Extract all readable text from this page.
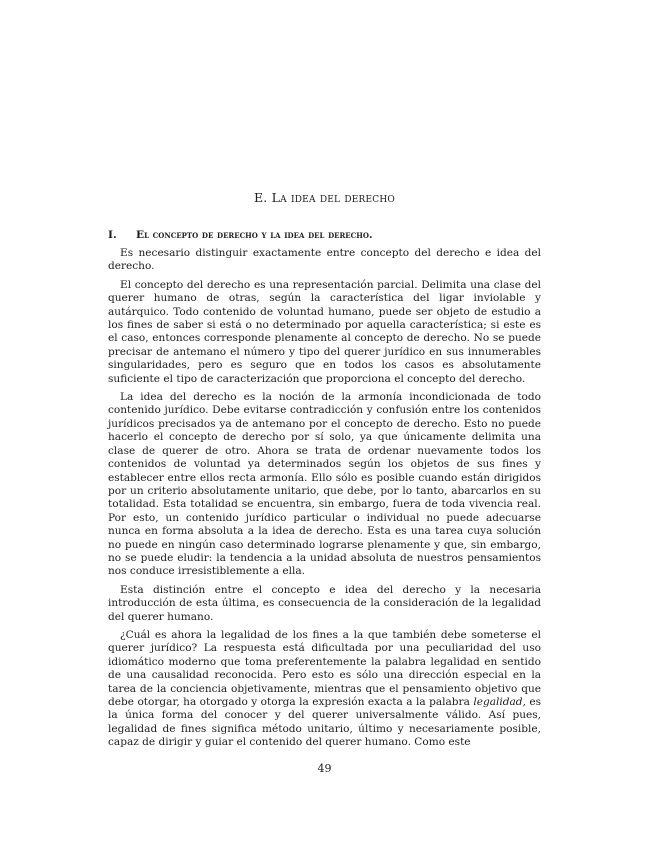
E. La idea del derecho
I. El concepto de derecho y la idea del derecho.

Es necesario distinguir exactamente entre concepto del derecho e idea del derecho.

El concepto del derecho es una representación parcial. Delimita una clase del querer humano de otras, según la característica del ligar inviolable y autárquico. Todo contenido de voluntad humano, puede ser objeto de estudio a los fines de saber si está o no determinado por aquella característica; si este es el caso, entonces corresponde plenamente al concepto de derecho. No se puede precisar de antemano el número y tipo del querer jurídico en sus innumerables singularidades, pero es seguro que en todos los casos es absolutamente suficiente el tipo de caracterización que proporciona el concepto del derecho.

La idea del derecho es la noción de la armonía incondicionada de todo contenido jurídico. Debe evitarse contradicción y confusión entre los contenidos jurídicos precisados ya de antemano por el concepto de derecho. Esto no puede hacerlo el concepto de derecho por sí solo, ya que únicamente delimita una clase de querer de otro. Ahora se trata de ordenar nuevamente todos los contenidos de voluntad ya determinados según los objetos de sus fines y establecer entre ellos recta armonía. Ello sólo es posible cuando están dirigidos por un criterio absolutamente unitario, que debe, por lo tanto, abarcarlos en su totalidad. Esta totalidad se encuentra, sin embargo, fuera de toda vivencia real. Por esto, un contenido jurídico particular o individual no puede adecuarse nunca en forma absoluta a la idea de derecho. Esta es una tarea cuya solución no puede en ningún caso determinado lograrse plenamente y que, sin embargo, no se puede eludir: la tendencia a la unidad absoluta de nuestros pensamientos nos conduce irresistiblemente a ella.

Esta distinción entre el concepto e idea del derecho y la necesaria introducción de esta última, es consecuencia de la consideración de la legalidad del querer humano.

¿Cuál es ahora la legalidad de los fines a la que también debe someterse el querer jurídico? La respuesta está dificultada por una peculiaridad del uso idiomático moderno que toma preferentemente la palabra legalidad en sentido de una causalidad reconocida. Pero esto es sólo una dirección especial en la tarea de la conciencia objetivamente, mientras que el pensamiento objetivo que debe otorgar, ha otorgado y otorga la expresión exacta a la palabra legalidad, es la única forma del conocer y del querer universalmente válido. Así pues, legalidad de fines significa método unitario, último y necesariamente posible, capaz de dirigir y guiar el contenido del querer humano. Como este

49
